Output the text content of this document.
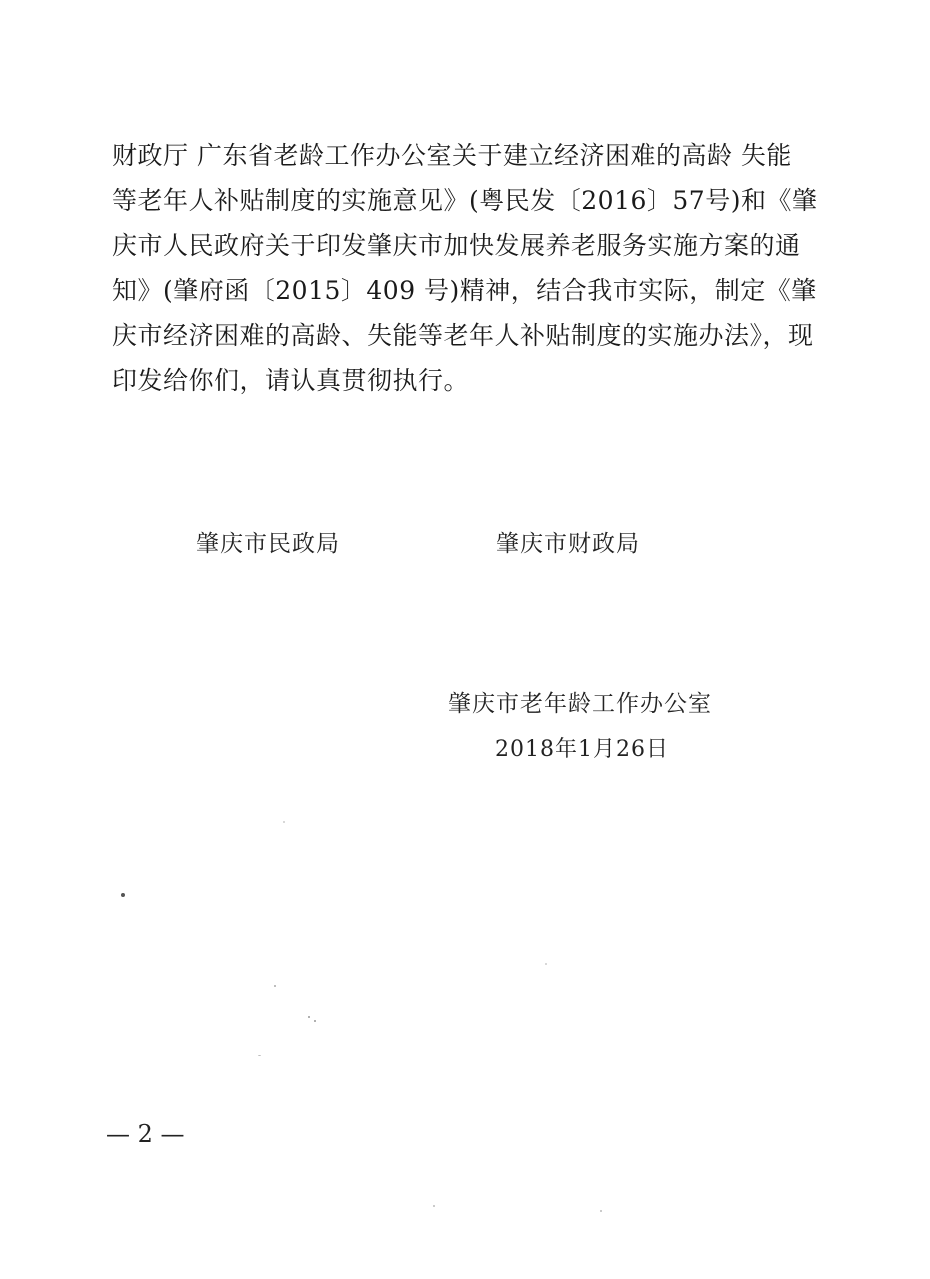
财政厅 广东省老龄工作办公室关于建立经济困难的高龄 失能
等老年人补贴制度的实施意见》(粤民发〔2016〕57号)和《肇
庆市人民政府关于印发肇庆市加快发展养老服务实施方案的通
知》(肇府函〔2015〕409 号)精神，结合我市实际，制定《肇
庆市经济困难的高龄、失能等老年人补贴制度的实施办法》，现
印发给你们，请认真贯彻执行。
肇庆市民政局	肇庆市财政局
肇庆市老年龄工作办公室
2018年1月26日
— 2 —
